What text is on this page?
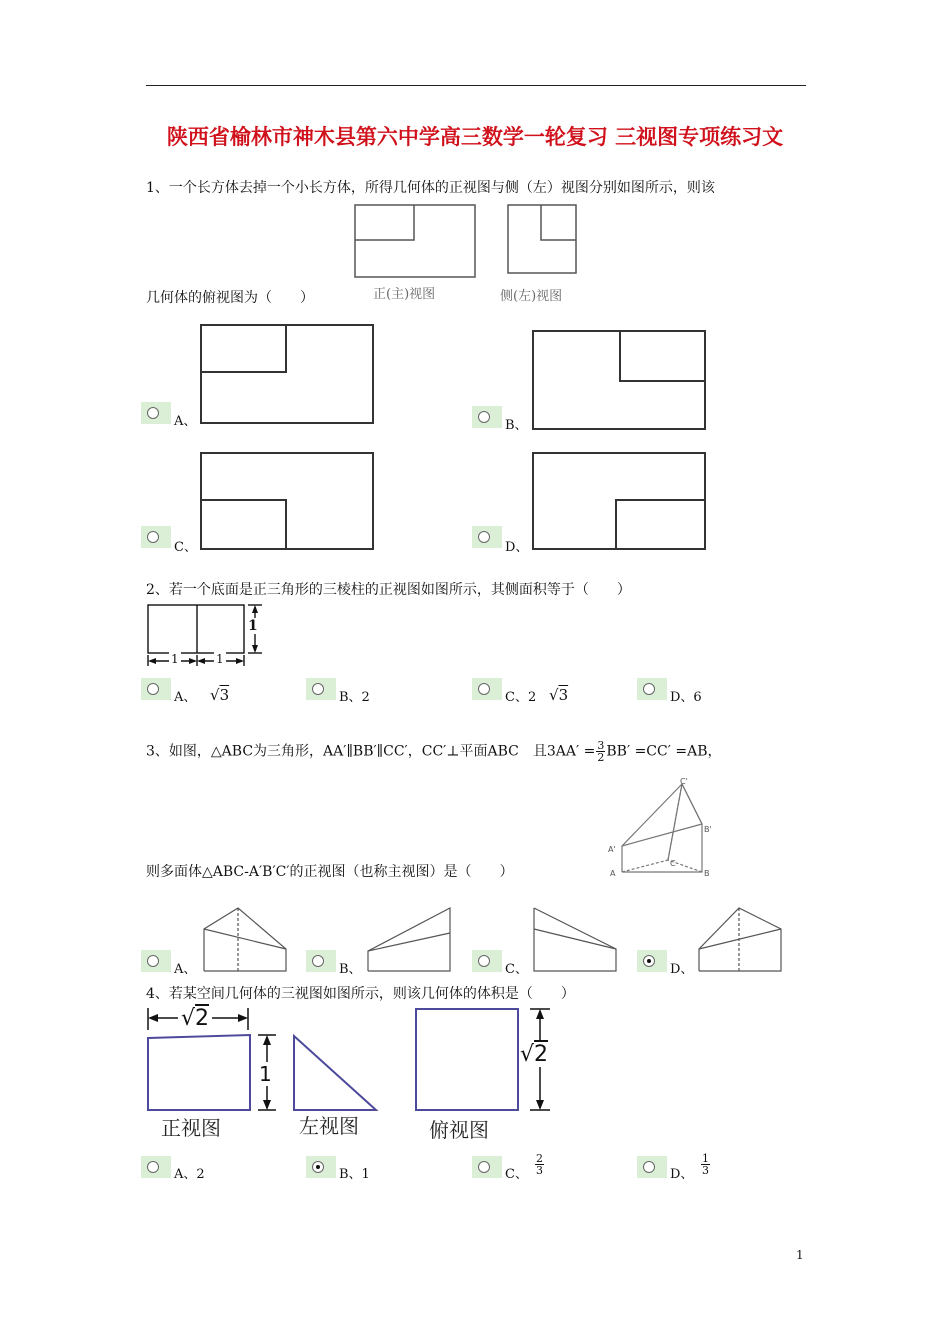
陕西省榆林市神木县第六中学高三数学一轮复习 三视图专项练习文
1、一个长方体去掉一个小长方体，所得几何体的正视图与侧（左）视图分别如图所示，则该
正(主)视图	侧(左)视图
几何体的俯视图为（　　）
A、	B、
C、	D、
2、若一个底面是正三角形的三棱柱的正视图如图所示，其侧面积等于（　　）
1
1	1
A、 √3	B、2	C、2 √3	D、6
3、如图，△ABC为三角形，AA′∥BB′∥CC′，CC′⊥平面ABC　且$3AA' = \frac{3}{2} BB' =CC' =AB$，
C'
B'
A'
C
A	B
则多面体△ABC-A′B′C′的正视图（也称主视图）是（　　）
A、	B、	C、	D、
4、若某空间几何体的三视图如图所示，则该几何体的体积是（　　）
√2
1
√2
正视图	左视图	俯视图
A、2	B、1	C、 $\frac{2}{3}$	D、 $\frac{1}{3}$
1
